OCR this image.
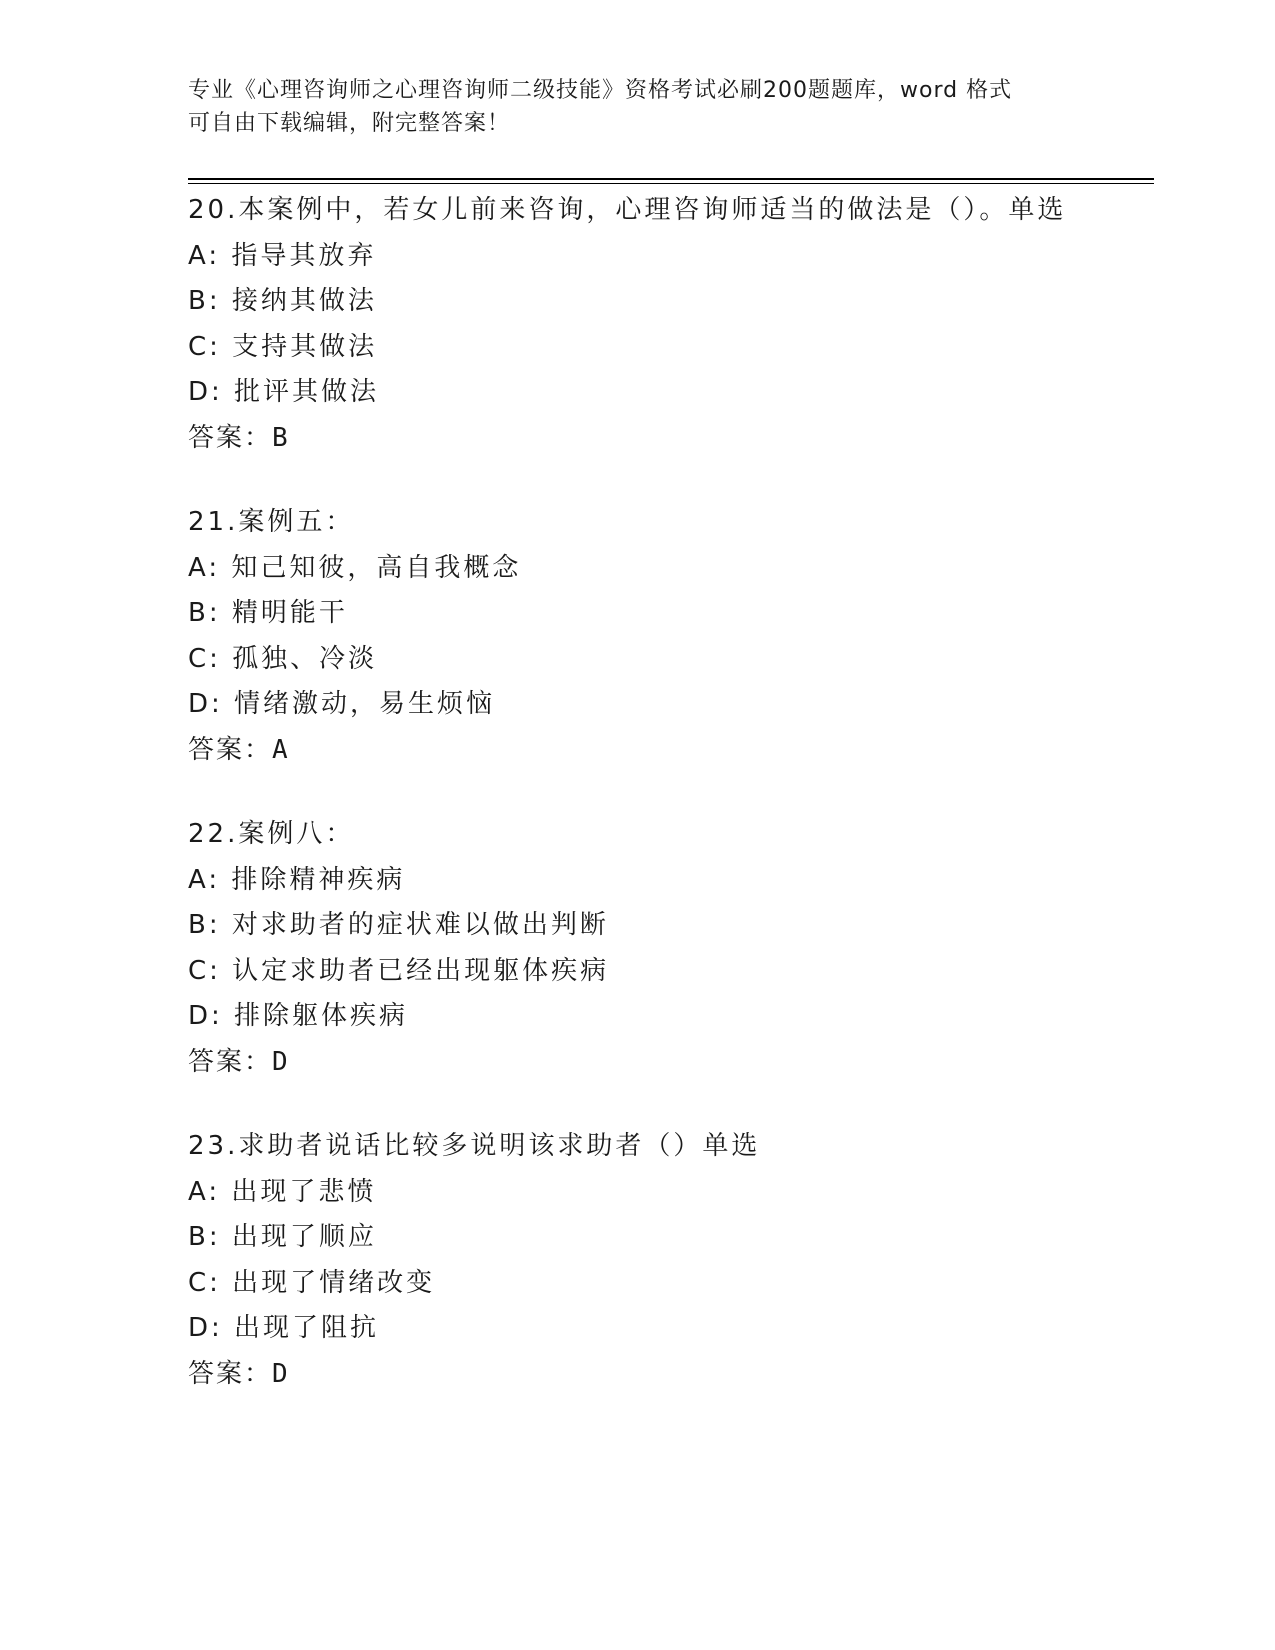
专业《心理咨询师之心理咨询师二级技能》资格考试必刷200题题库，word 格式
可自由下载编辑，附完整答案！
20.本案例中，若女儿前来咨询，心理咨询师适当的做法是（）。单选
A: 指导其放弃
B: 接纳其做法
C: 支持其做法
D: 批评其做法
答案：B
21.案例五：
A: 知己知彼，高自我概念
B: 精明能干
C: 孤独、冷淡
D: 情绪激动，易生烦恼
答案：A
22.案例八：
A: 排除精神疾病
B: 对求助者的症状难以做出判断
C: 认定求助者已经出现躯体疾病
D: 排除躯体疾病
答案：D
23.求助者说话比较多说明该求助者（）单选
A: 出现了悲愤
B: 出现了顺应
C: 出现了情绪改变
D: 出现了阻抗
答案：D
